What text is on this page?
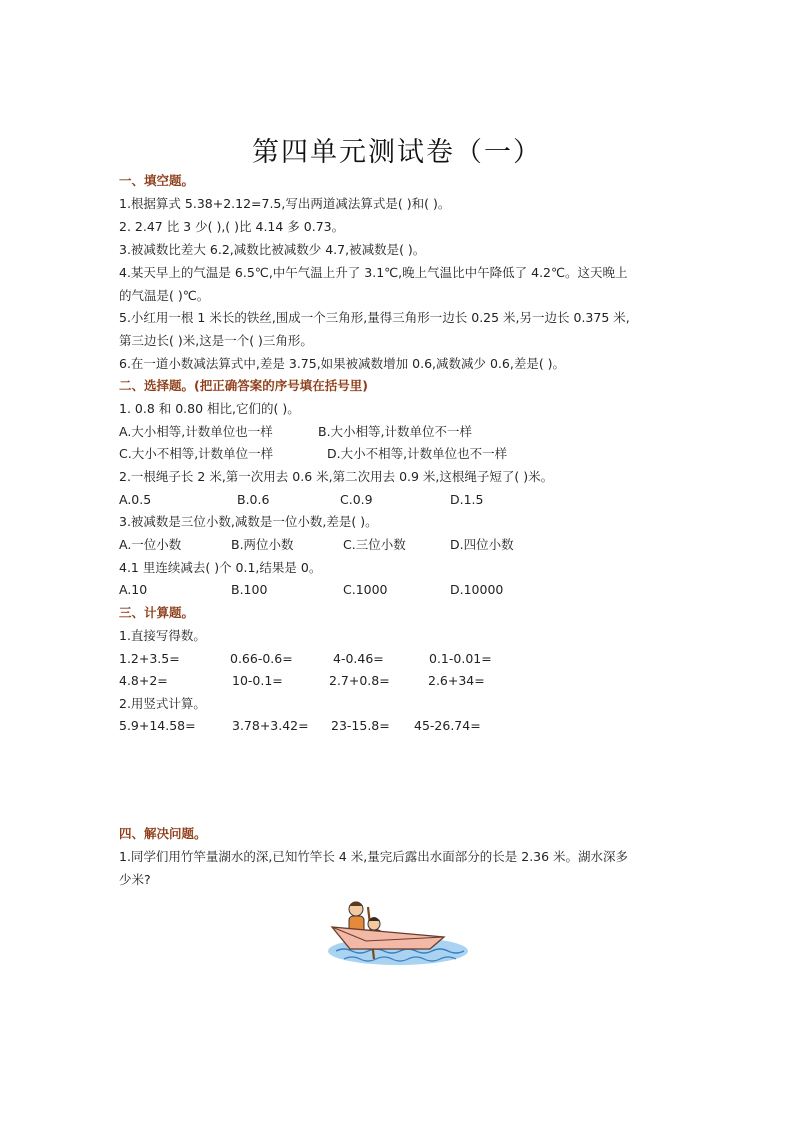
第四单元测试卷（一）
一、填空题。
1.根据算式 5.38+2.12=7.5,写出两道减法算式是( )和( )。
2. 2.47 比 3 少( ),( )比 4.14 多 0.73。
3.被减数比差大 6.2,减数比被减数少 4.7,被减数是( )。
4.某天早上的气温是 6.5℃,中午气温上升了 3.1℃,晚上气温比中午降低了 4.2℃。这天晚上
的气温是( )℃。
5.小红用一根 1 米长的铁丝,围成一个三角形,量得三角形一边长 0.25 米,另一边长 0.375 米,
第三边长( )米,这是一个( )三角形。
6.在一道小数减法算式中,差是 3.75,如果被减数增加 0.6,减数减少 0.6,差是( )。
二、选择题。(把正确答案的序号填在括号里)
1. 0.8 和 0.80 相比,它们的( )。
A.大小相等,计数单位也一样	B.大小相等,计数单位不一样
C.大小不相等,计数单位一样	D.大小不相等,计数单位也不一样
2.一根绳子长 2 米,第一次用去 0.6 米,第二次用去 0.9 米,这根绳子短了( )米。
A.0.5	B.0.6	C.0.9	D.1.5
3.被减数是三位小数,减数是一位小数,差是( )。
A.一位小数	B.两位小数	C.三位小数	D.四位小数
4.1 里连续减去( )个 0.1,结果是 0。
A.10	B.100	C.1000	D.10000
三、计算题。
1.直接写得数。
1.2+3.5=	0.66-0.6=	4-0.46=	0.1-0.01=
4.8+2=	10-0.1=	2.7+0.8=	2.6+34=
2.用竖式计算。
5.9+14.58=	3.78+3.42= 23-15.8= 45-26.74=
四、解决问题。
1.同学们用竹竿量湖水的深,已知竹竿长 4 米,量完后露出水面部分的长是 2.36 米。湖水深多
少米?
